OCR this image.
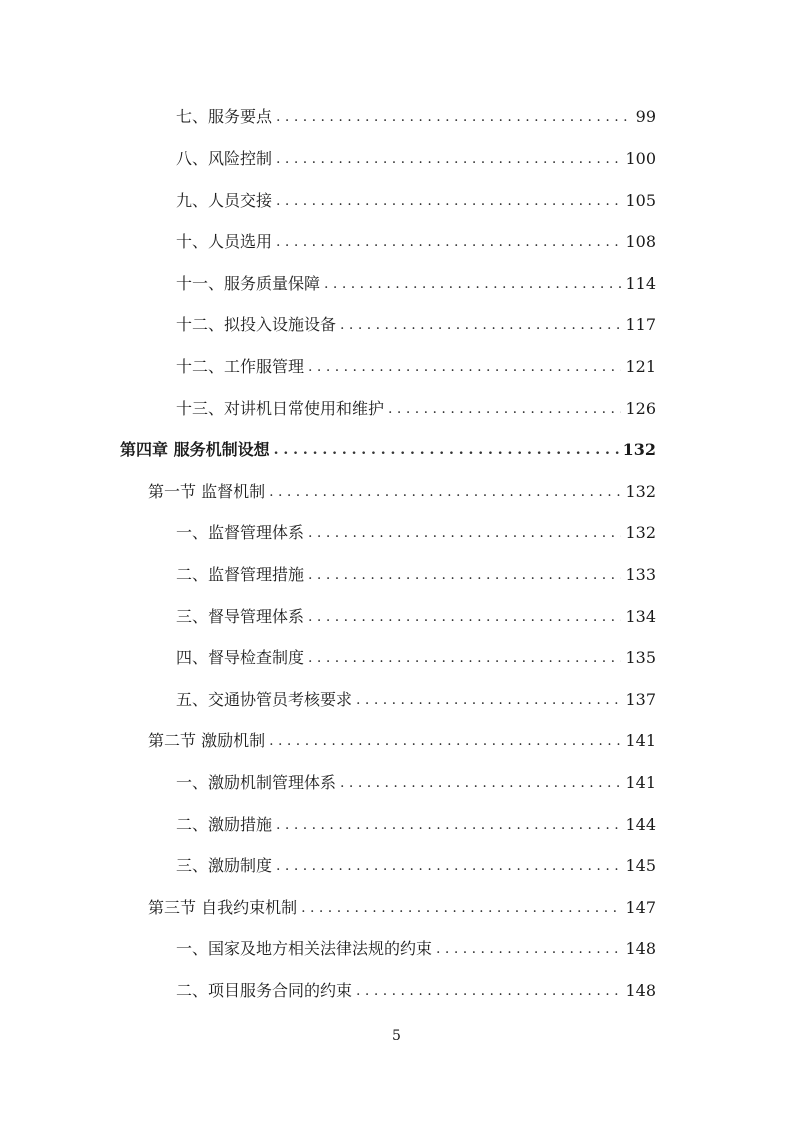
七、服务要点 . . .	99
八、风险控制 . . .	100
九、人员交接 . . .	105
十、人员选用 . . .	108
十一、服务质量保障 . . .	114
十二、拟投入设施设备 . . .	117
十二、工作服管理 . . .	121
十三、对讲机日常使用和维护 . . .	126
第四章 服务机制设想 . . .	132
第一节 监督机制 . . .	132
一、监督管理体系 . . .	132
二、监督管理措施 . . .	133
三、督导管理体系 . . .	134
四、督导检查制度 . . .	135
五、交通协管员考核要求 . . .	137
第二节 激励机制 . . .	141
一、激励机制管理体系 . . .	141
二、激励措施 . . .	144
三、激励制度 . . .	145
第三节 自我约束机制 . . .	147
一、国家及地方相关法律法规的约束 . . .	148
二、项目服务合同的约束 . . .	148
5
